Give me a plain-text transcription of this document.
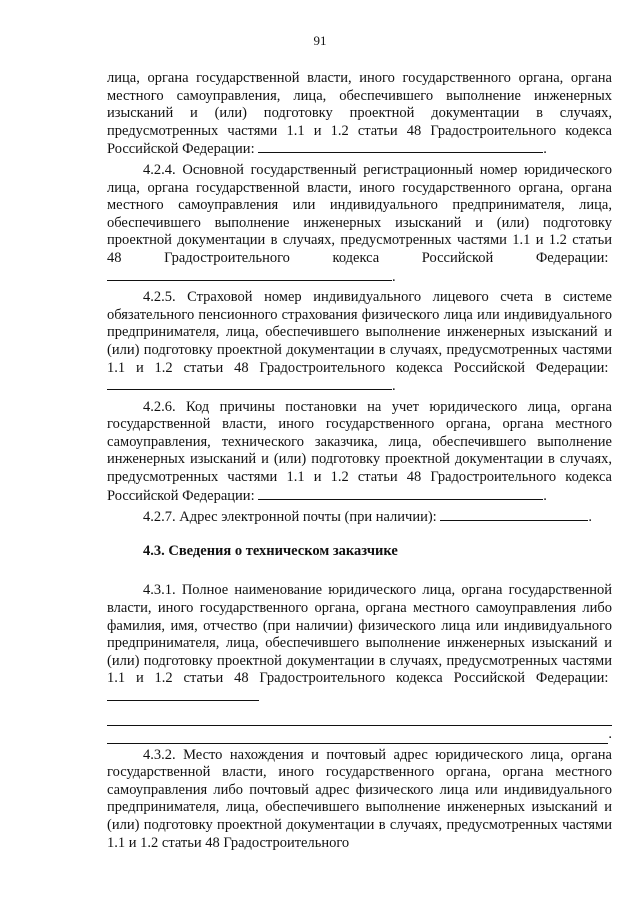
91

лица, органа государственной власти, иного государственного органа, органа местного самоуправления, лица, обеспечившего выполнение инженерных изысканий и (или) подготовку проектной документации в случаях, предусмотренных частями 1.1 и 1.2 статьи 48 Градостроительного кодекса Российской Федерации:	.

4.2.4. Основной государственный регистрационный номер юридического лица, органа государственной власти, иного государственного органа, органа местного самоуправления или индивидуального предпринимателя, лица, обеспечившего выполнение инженерных изысканий и (или) подготовку проектной документации в случаях, предусмотренных частями 1.1 и 1.2 статьи 48 Градостроительного кодекса Российской Федерации: .

4.2.5. Страховой номер индивидуального лицевого счета в системе обязательного пенсионного страхования физического лица или индивидуального предпринимателя, лица, обеспечившего выполнение инженерных изысканий и (или) подготовку проектной документации в случаях, предусмотренных частями 1.1 и 1.2 статьи 48 Градостроительного кодекса Российской Федерации: .

4.2.6. Код причины постановки на учет юридического лица, органа государственной власти, иного государственного органа, органа местного самоуправления, технического заказчика, лица, обеспечившего выполнение инженерных изысканий и (или) подготовку проектной документации в случаях, предусмотренных частями 1.1 и 1.2 статьи 48 Градостроительного кодекса Российской Федерации:	.

4.2.7. Адрес электронной почты (при наличии):	.

4.3. Сведения о техническом заказчике

4.3.1. Полное наименование юридического лица, органа государственной власти, иного государственного органа, органа местного самоуправления либо фамилия, имя, отчество (при наличии) физического лица или индивидуального предпринимателя, лица, обеспечившего выполнение инженерных изысканий и (или) подготовку проектной документации в случаях, предусмотренных частями 1.1 и 1.2 статьи 48 Градостроительного кодекса Российской Федерации:

.

4.3.2. Место нахождения и почтовый адрес юридического лица, органа государственной власти, иного государственного органа, органа местного самоуправления либо почтовый адрес физического лица или индивидуального предпринимателя, лица, обеспечившего выполнение инженерных изысканий и (или) подготовку проектной документации в случаях, предусмотренных частями 1.1 и 1.2 статьи 48 Градостроительного
